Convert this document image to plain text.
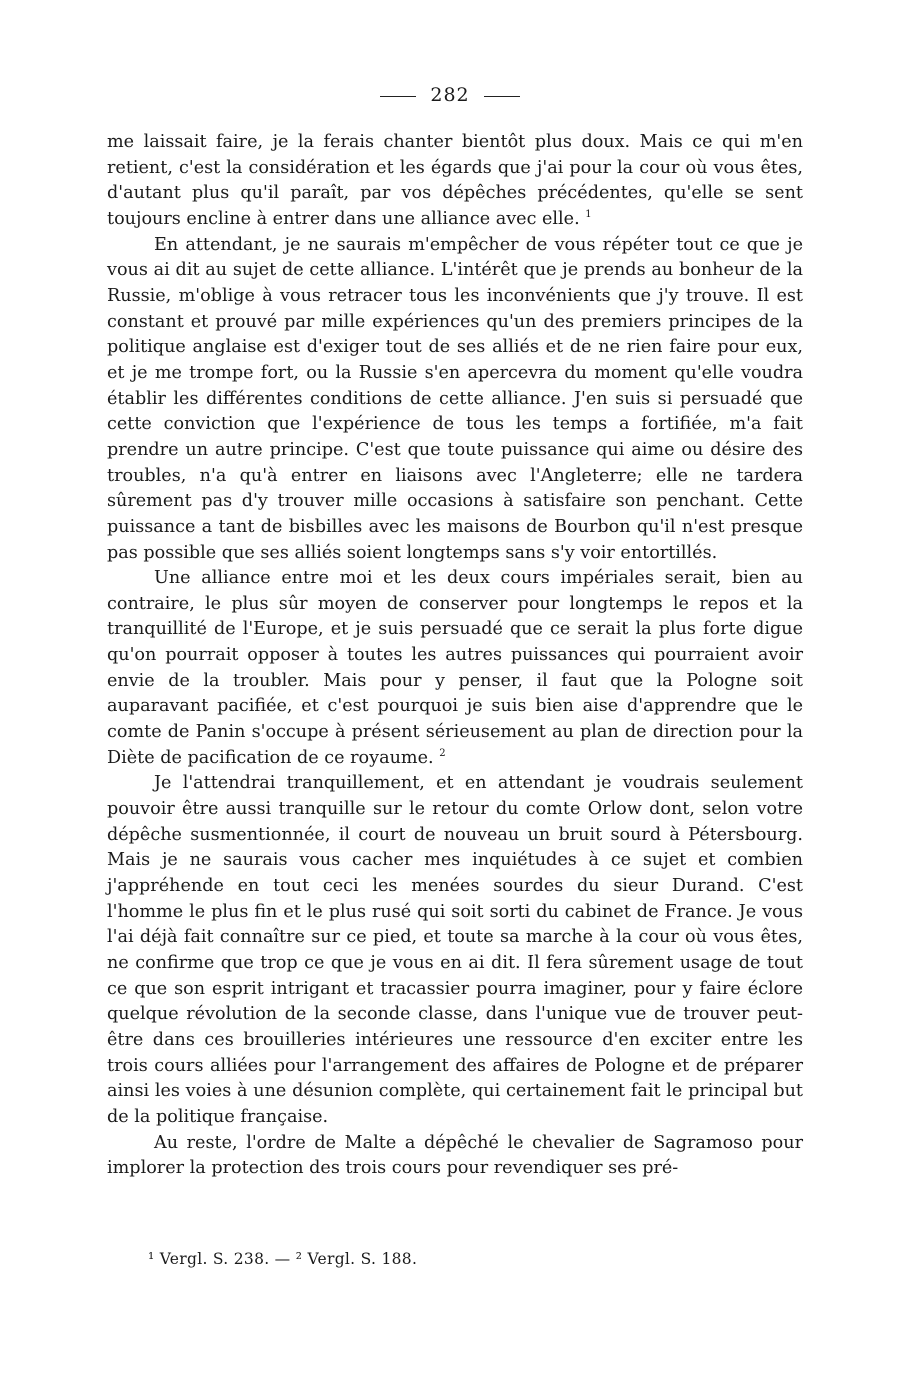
282

me laissait faire, je la ferais chanter bientôt plus doux. Mais ce qui m'en retient, c'est la considération et les égards que j'ai pour la cour où vous êtes, d'autant plus qu'il paraît, par vos dépêches précédentes, qu'elle se sent toujours encline à entrer dans une alliance avec elle. $^1$

En attendant, je ne saurais m'empêcher de vous répéter tout ce que je vous ai dit au sujet de cette alliance. L'intérêt que je prends au bonheur de la Russie, m'oblige à vous retracer tous les inconvénients que j'y trouve. Il est constant et prouvé par mille expériences qu'un des premiers principes de la politique anglaise est d'exiger tout de ses alliés et de ne rien faire pour eux, et je me trompe fort, ou la Russie s'en apercevra du moment qu'elle voudra établir les différentes conditions de cette alliance. J'en suis si persuadé que cette conviction que l'expérience de tous les temps a fortifiée, m'a fait prendre un autre principe. C'est que toute puissance qui aime ou désire des troubles, n'a qu'à entrer en liaisons avec l'Angleterre; elle ne tardera sûrement pas d'y trouver mille occasions à satisfaire son penchant. Cette puissance a tant de bisbilles avec les maisons de Bourbon qu'il n'est presque pas possible que ses alliés soient longtemps sans s'y voir entortillés.

Une alliance entre moi et les deux cours impériales serait, bien au contraire, le plus sûr moyen de conserver pour longtemps le repos et la tranquillité de l'Europe, et je suis persuadé que ce serait la plus forte digue qu'on pourrait opposer à toutes les autres puissances qui pourraient avoir envie de la troubler. Mais pour y penser, il faut que la Pologne soit auparavant pacifiée, et c'est pourquoi je suis bien aise d'apprendre que le comte de Panin s'occupe à présent sérieusement au plan de direction pour la Diète de pacification de ce royaume. $^2$

Je l'attendrai tranquillement, et en attendant je voudrais seulement pouvoir être aussi tranquille sur le retour du comte Orlow dont, selon votre dépêche susmentionnée, il court de nouveau un bruit sourd à Pétersbourg. Mais je ne saurais vous cacher mes inquiétudes à ce sujet et combien j'appréhende en tout ceci les menées sourdes du sieur Durand. C'est l'homme le plus fin et le plus rusé qui soit sorti du cabinet de France. Je vous l'ai déjà fait connaître sur ce pied, et toute sa marche à la cour où vous êtes, ne confirme que trop ce que je vous en ai dit. Il fera sûrement usage de tout ce que son esprit intrigant et tracassier pourra imaginer, pour y faire éclore quelque révolution de la seconde classe, dans l'unique vue de trouver peut-être dans ces brouilleries intérieures une ressource d'en exciter entre les trois cours alliées pour l'arrangement des affaires de Pologne et de préparer ainsi les voies à une désunion complète, qui certainement fait le principal but de la politique française.

Au reste, l'ordre de Malte a dépêché le chevalier de Sagramoso pour implorer la protection des trois cours pour revendiquer ses pré-

¹ Vergl. S. 238. — ² Vergl. S. 188.
